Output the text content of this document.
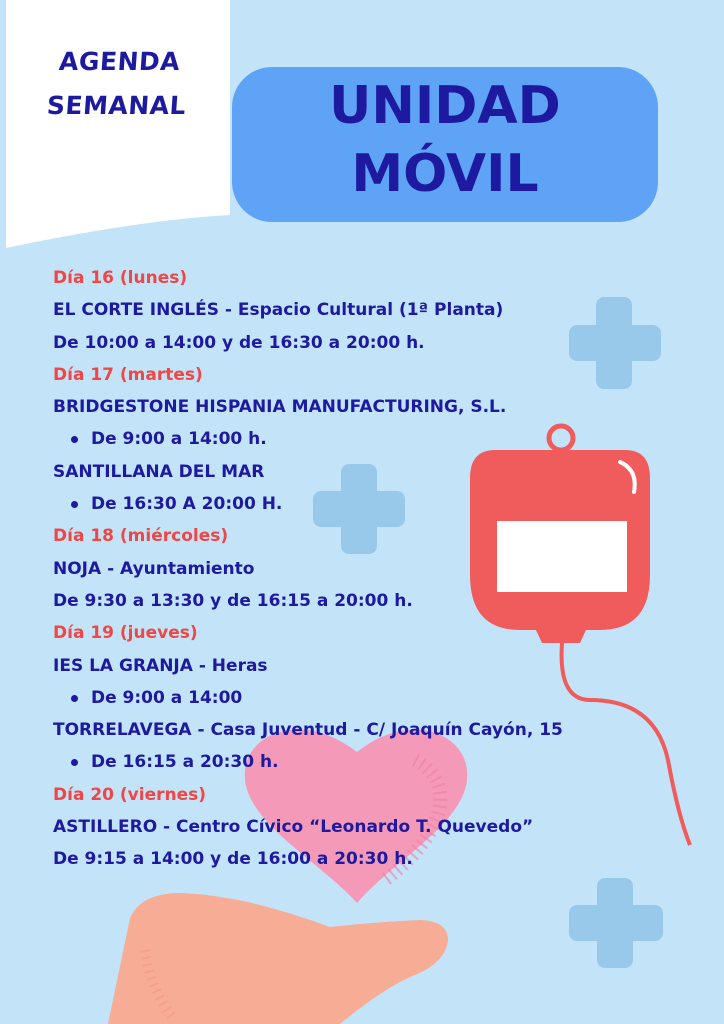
AGENDA
SEMANAL	UNIDAD
MÓVIL
Día 16 (lunes)
EL CORTE INGLÉS - Espacio Cultural (1ª Planta)
De 10:00 a 14:00 y de 16:30 a 20:00 h.
Día 17 (martes)
BRIDGESTONE HISPANIA MANUFACTURING, S.L.
De 9:00 a 14:00 h.
SANTILLANA DEL MAR
De 16:30 A 20:00 H.
Día 18 (miércoles)
NOJA - Ayuntamiento
De 9:30 a 13:30 y de 16:15 a 20:00 h.
Día 19 (jueves)
IES LA GRANJA - Heras
De 9:00 a 14:00
TORRELAVEGA - Casa Juventud - C/ Joaquín Cayón, 15
De 16:15 a 20:30 h.
Día 20 (viernes)
ASTILLERO - Centro Cívico “Leonardo T. Quevedo”
De 9:15 a 14:00 y de 16:00 a 20:30 h.
